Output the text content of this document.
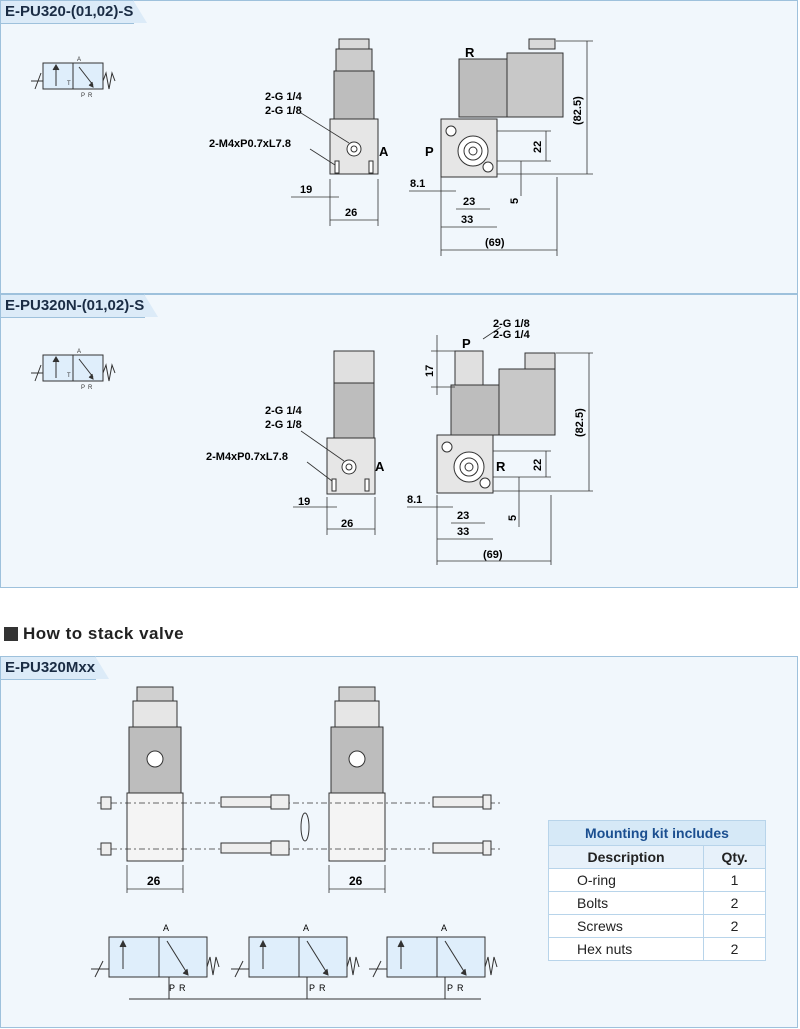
E-PU320-(01,02)-S
A
T
P R	2-G 1/4
2-G 1/8
2-M4xP0.7xL7.8
19
26
A
R
P
(82.5)
22
5
8.1
23
33
(69)
E-PU320N-(01,02)-S
A
T
P R
2-G 1/4
2-G 1/8
2-M4xP0.7xL7.8
19
26
A
2-G 1/8
2-G 1/4
P
R
17
(82.5)
22
5
8.1
23
33
(69)
How to stack valve
E-PU320Mxx
26	26
A
P R
A
P R
A
P R
Mounting kit includes	
Description	Qty.
O-ring	1
Bolts	2
Screws	2
Hex nuts	2
